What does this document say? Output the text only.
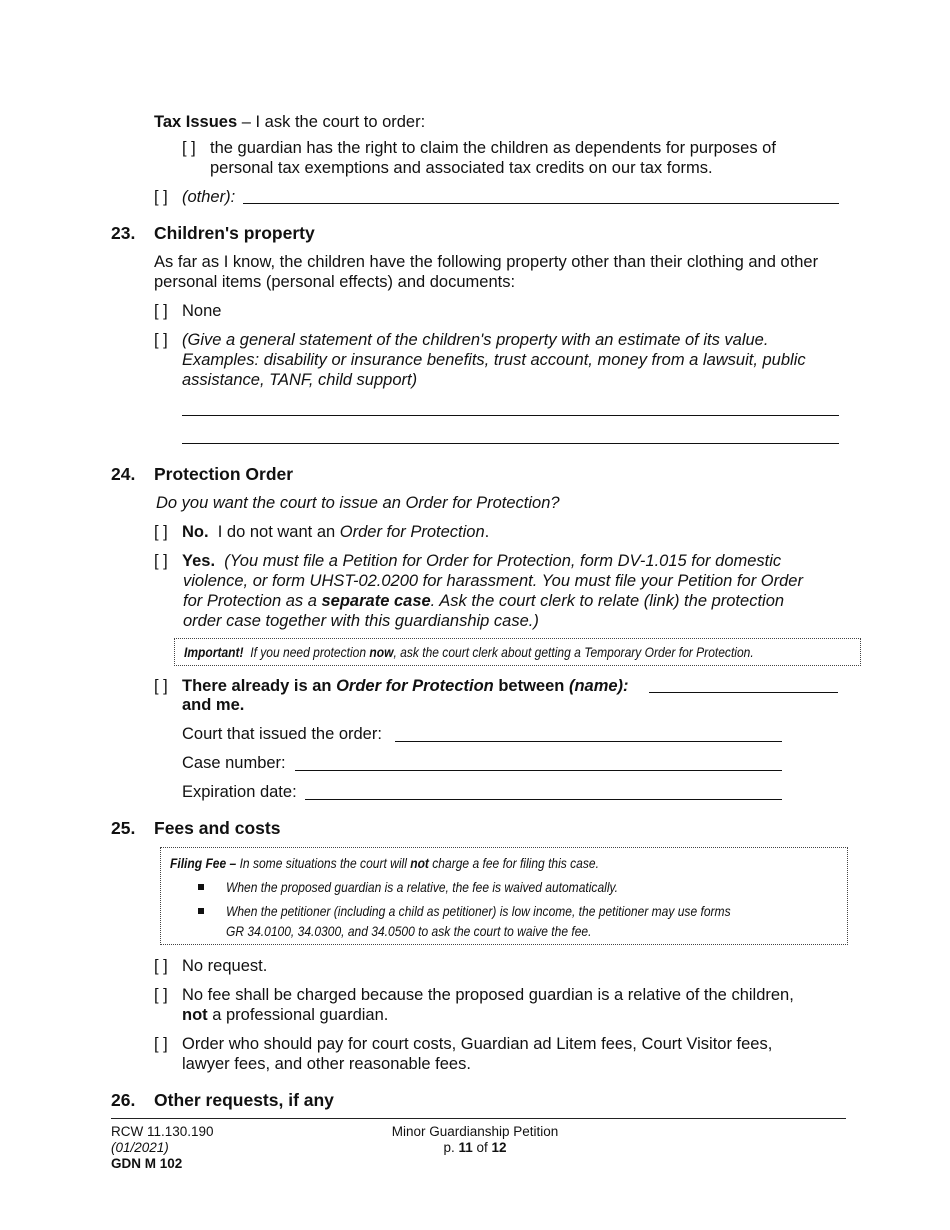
Tax Issues – I ask the court to order:
[ ] the guardian has the right to claim the children as dependents for purposes of
personal tax exemptions and associated tax credits on our tax forms.
[ ] (other):
23. Children's property
As far as I know, the children have the following property other than their clothing and other
personal items (personal effects) and documents:
[ ] None
[ ] (Give a general statement of the children's property with an estimate of its value.
Examples: disability or insurance benefits, trust account, money from a lawsuit, public
assistance, TANF, child support)
24. Protection Order
Do you want the court to issue an Order for Protection?
[ ] No.  I do not want an Order for Protection.
[ ] Yes.  (You must file a Petition for Order for Protection, form DV-1.015 for domestic
violence, or form UHST-02.0200 for harassment. You must file your Petition for Order
for Protection as a separate case. Ask the court clerk to relate (link) the protection
order case together with this guardianship case.)
Important!  If you need protection now, ask the court clerk about getting a Temporary Order for Protection.
[ ] There already is an Order for Protection between (name):
and me.
Court that issued the order:
Case number:
Expiration date:
25. Fees and costs
Filing Fee – In some situations the court will not charge a fee for filing this case.
When the proposed guardian is a relative, the fee is waived automatically.
When the petitioner (including a child as petitioner) is low income, the petitioner may use forms
GR 34.0100, 34.0300, and 34.0500 to ask the court to waive the fee.
[ ] No request.
[ ] No fee shall be charged because the proposed guardian is a relative of the children,
not a professional guardian.
[ ] Order who should pay for court costs, Guardian ad Litem fees, Court Visitor fees,
lawyer fees, and other reasonable fees.
26. Other requests, if any
RCW 11.130.190
(01/2021)
GDN M 102
Minor Guardianship Petition
p. 11 of 12
